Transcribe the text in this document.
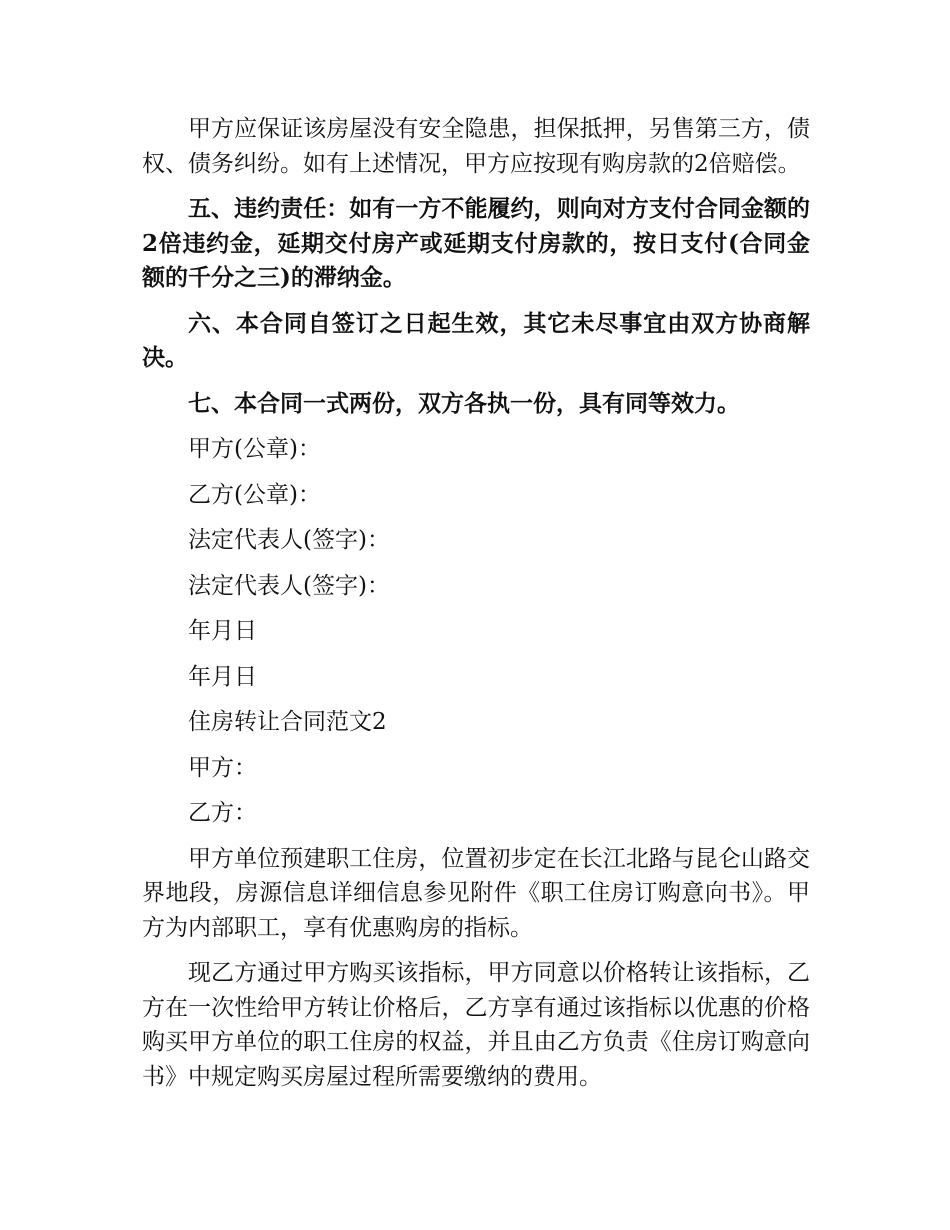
甲方应保证该房屋没有安全隐患，担保抵押，另售第三方，债权、债务纠纷。如有上述情况，甲方应按现有购房款的2倍赔偿。

五、违约责任：如有一方不能履约，则向对方支付合同金额的2倍违约金，延期交付房产或延期支付房款的，按日支付(合同金额的千分之三)的滞纳金。

六、本合同自签订之日起生效，其它未尽事宜由双方协商解决。

七、本合同一式两份，双方各执一份，具有同等效力。

甲方(公章)：

乙方(公章)：

法定代表人(签字)：

法定代表人(签字)：

年月日

年月日

住房转让合同范文2

甲方：

乙方：

甲方单位预建职工住房，位置初步定在长江北路与昆仑山路交界地段，房源信息详细信息参见附件《职工住房订购意向书》。甲方为内部职工，享有优惠购房的指标。

现乙方通过甲方购买该指标，甲方同意以价格转让该指标，乙方在一次性给甲方转让价格后，乙方享有通过该指标以优惠的价格购买甲方单位的职工住房的权益，并且由乙方负责《住房订购意向书》中规定购买房屋过程所需要缴纳的费用。
